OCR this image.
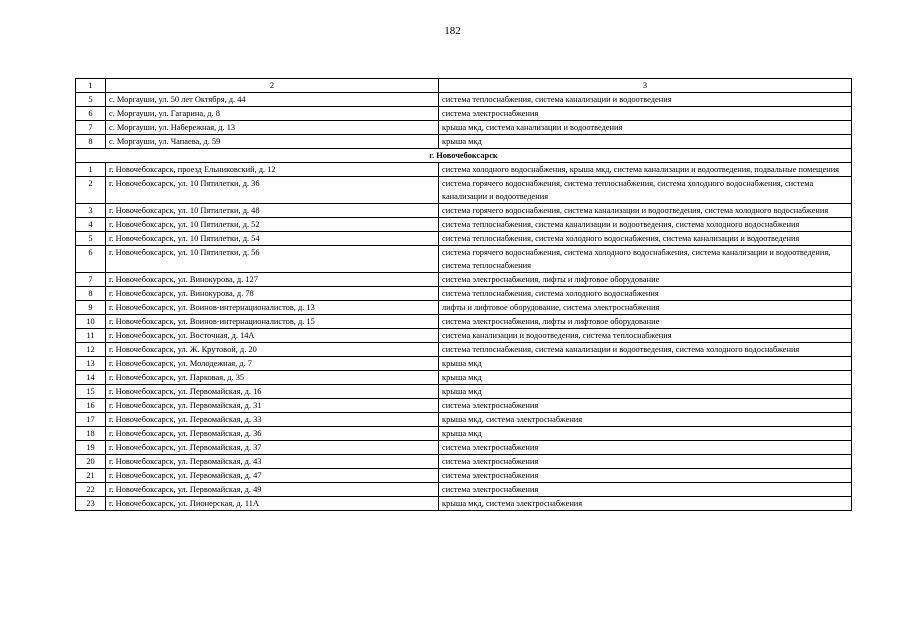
182
1	2	3
5	с. Моргауши, ул. 50 лет Октября, д. 44	система теплоснабжения, система канализации и водоотведения
6	с. Моргауши, ул. Гагарина, д. 8	система электроснабжения
7	с. Моргауши, ул. Набережная, д. 13	крыша мкд, система канализации и водоотведения
8	с. Моргауши, ул. Чапаева, д. 59	крыша мкд
г. Новочебоксарск		
1	г. Новочебоксарск, проезд Ельниковский, д. 12	система холодного водоснабжения, крыша мкд, система канализации и водоотведения, подвальные помещения
2	г. Новочебоксарск, ул. 10 Пятилетки, д. 36	система горячего водоснабжения, система теплоснабжения, система холодного водоснабжения, система канализации и водоотведения
3	г. Новочебоксарск, ул. 10 Пятилетки, д. 48	система горячего водоснабжения, система канализации и водоотведения, система холодного водоснабжения
4	г. Новочебоксарск, ул. 10 Пятилетки, д. 52	система теплоснабжения, система канализации и водоотведения, система холодного водоснабжения
5	г. Новочебоксарск, ул. 10 Пятилетки, д. 54	система теплоснабжения, система холодного водоснабжения, система канализации и водоотведения
6	г. Новочебоксарск, ул. 10 Пятилетки, д. 56	система горячего водоснабжения, система холодного водоснабжения, система канализации и водоотведения, система теплоснабжения
7	г. Новочебоксарск, ул. Винокурова, д. 127	система электроснабжения, лифты и лифтовое оборудование
8	г. Новочебоксарск, ул. Винокурова, д. 78	система теплоснабжения, система холодного водоснабжения
9	г. Новочебоксарск, ул. Воинов-интернационалистов, д. 13	лифты и лифтовое оборудование, система электроснабжения
10	г. Новочебоксарск, ул. Воинов-интернационалистов, д. 15	система электроснабжения, лифты и лифтовое оборудование
11	г. Новочебоксарск, ул. Восточная, д. 14А	система канализации и водоотведения, система теплоснабжения
12	г. Новочебоксарск, ул. Ж. Крутовой, д. 20	система теплоснабжения, система канализации и водоотведения, система холодного водоснабжения
13	г. Новочебоксарск, ул. Молодежная, д. 7	крыша мкд
14	г. Новочебоксарск, ул. Парковая, д. 35	крыша мкд
15	г. Новочебоксарск, ул. Первомайская, д. 16	крыша мкд
16	г. Новочебоксарск, ул. Первомайская, д. 31	система электроснабжения
17	г. Новочебоксарск, ул. Первомайская, д. 33	крыша мкд, система электроснабжения
18	г. Новочебоксарск, ул. Первомайская, д. 36	крыша мкд
19	г. Новочебоксарск, ул. Первомайская, д. 37	система электроснабжения
20	г. Новочебоксарск, ул. Первомайская, д. 43	система электроснабжения
21	г. Новочебоксарск, ул. Первомайская, д. 47	система электроснабжения
22	г. Новочебоксарск, ул. Первомайская, д. 49	система электроснабжения
23	г. Новочебоксарск, ул. Пионерская, д. 11А	крыша мкд, система электроснабжения
